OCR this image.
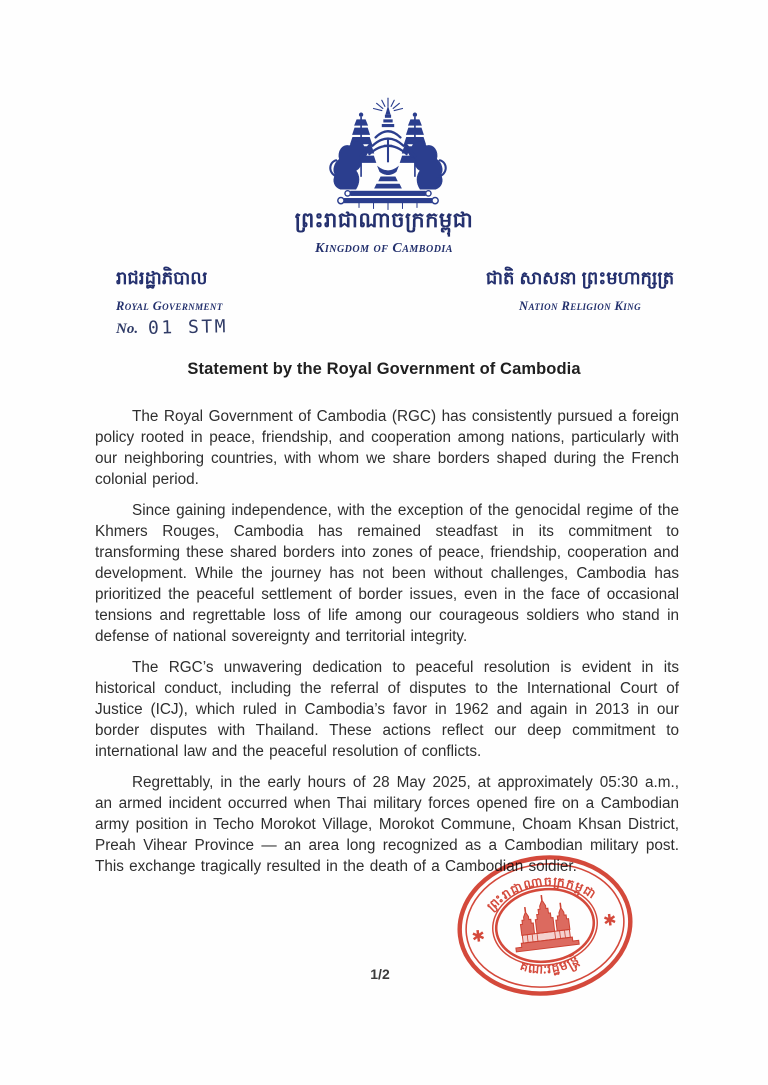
ព្រះរាជាណាចក្រកម្ពុជា
Kingdom of Cambodia
រាជរដ្ឋាភិបាល
Royal Government
No. 01 STM
ជាតិ សាសនា ព្រះមហាក្សត្រ
Nation Religion King
Statement by the Royal Government of Cambodia

The Royal Government of Cambodia (RGC) has consistently pursued a foreign policy rooted in peace, friendship, and cooperation among nations, particularly with our neighboring countries, with whom we share borders shaped during the French colonial period.

Since gaining independence, with the exception of the genocidal regime of the Khmers Rouges, Cambodia has remained steadfast in its commitment to transforming these shared borders into zones of peace, friendship, cooperation and development. While the journey has not been without challenges, Cambodia has prioritized the peaceful settlement of border issues, even in the face of occasional tensions and regrettable loss of life among our courageous soldiers who stand in defense of national sovereignty and territorial integrity.

The RGC’s unwavering dedication to peaceful resolution is evident in its historical conduct, including the referral of disputes to the International Court of Justice (ICJ), which ruled in Cambodia’s favor in 1962 and again in 2013 in our border disputes with Thailand. These actions reflect our deep commitment to international law and the peaceful resolution of conflicts.

Regrettably, in the early hours of 28 May 2025, at approximately 05:30 a.m., an armed incident occurred when Thai military forces opened fire on a Cambodian army position in Techo Morokot Village, Morokot Commune, Choam Khsan District, Preah Vihear Province — an area long recognized as a Cambodian military post. This exchange tragically resulted in the death of a Cambodian soldier.

ព្រះរាជាណាចក្រកម្ពុជា
គណៈរដ្ឋមន្ត្រី
✱
✱
1/2
